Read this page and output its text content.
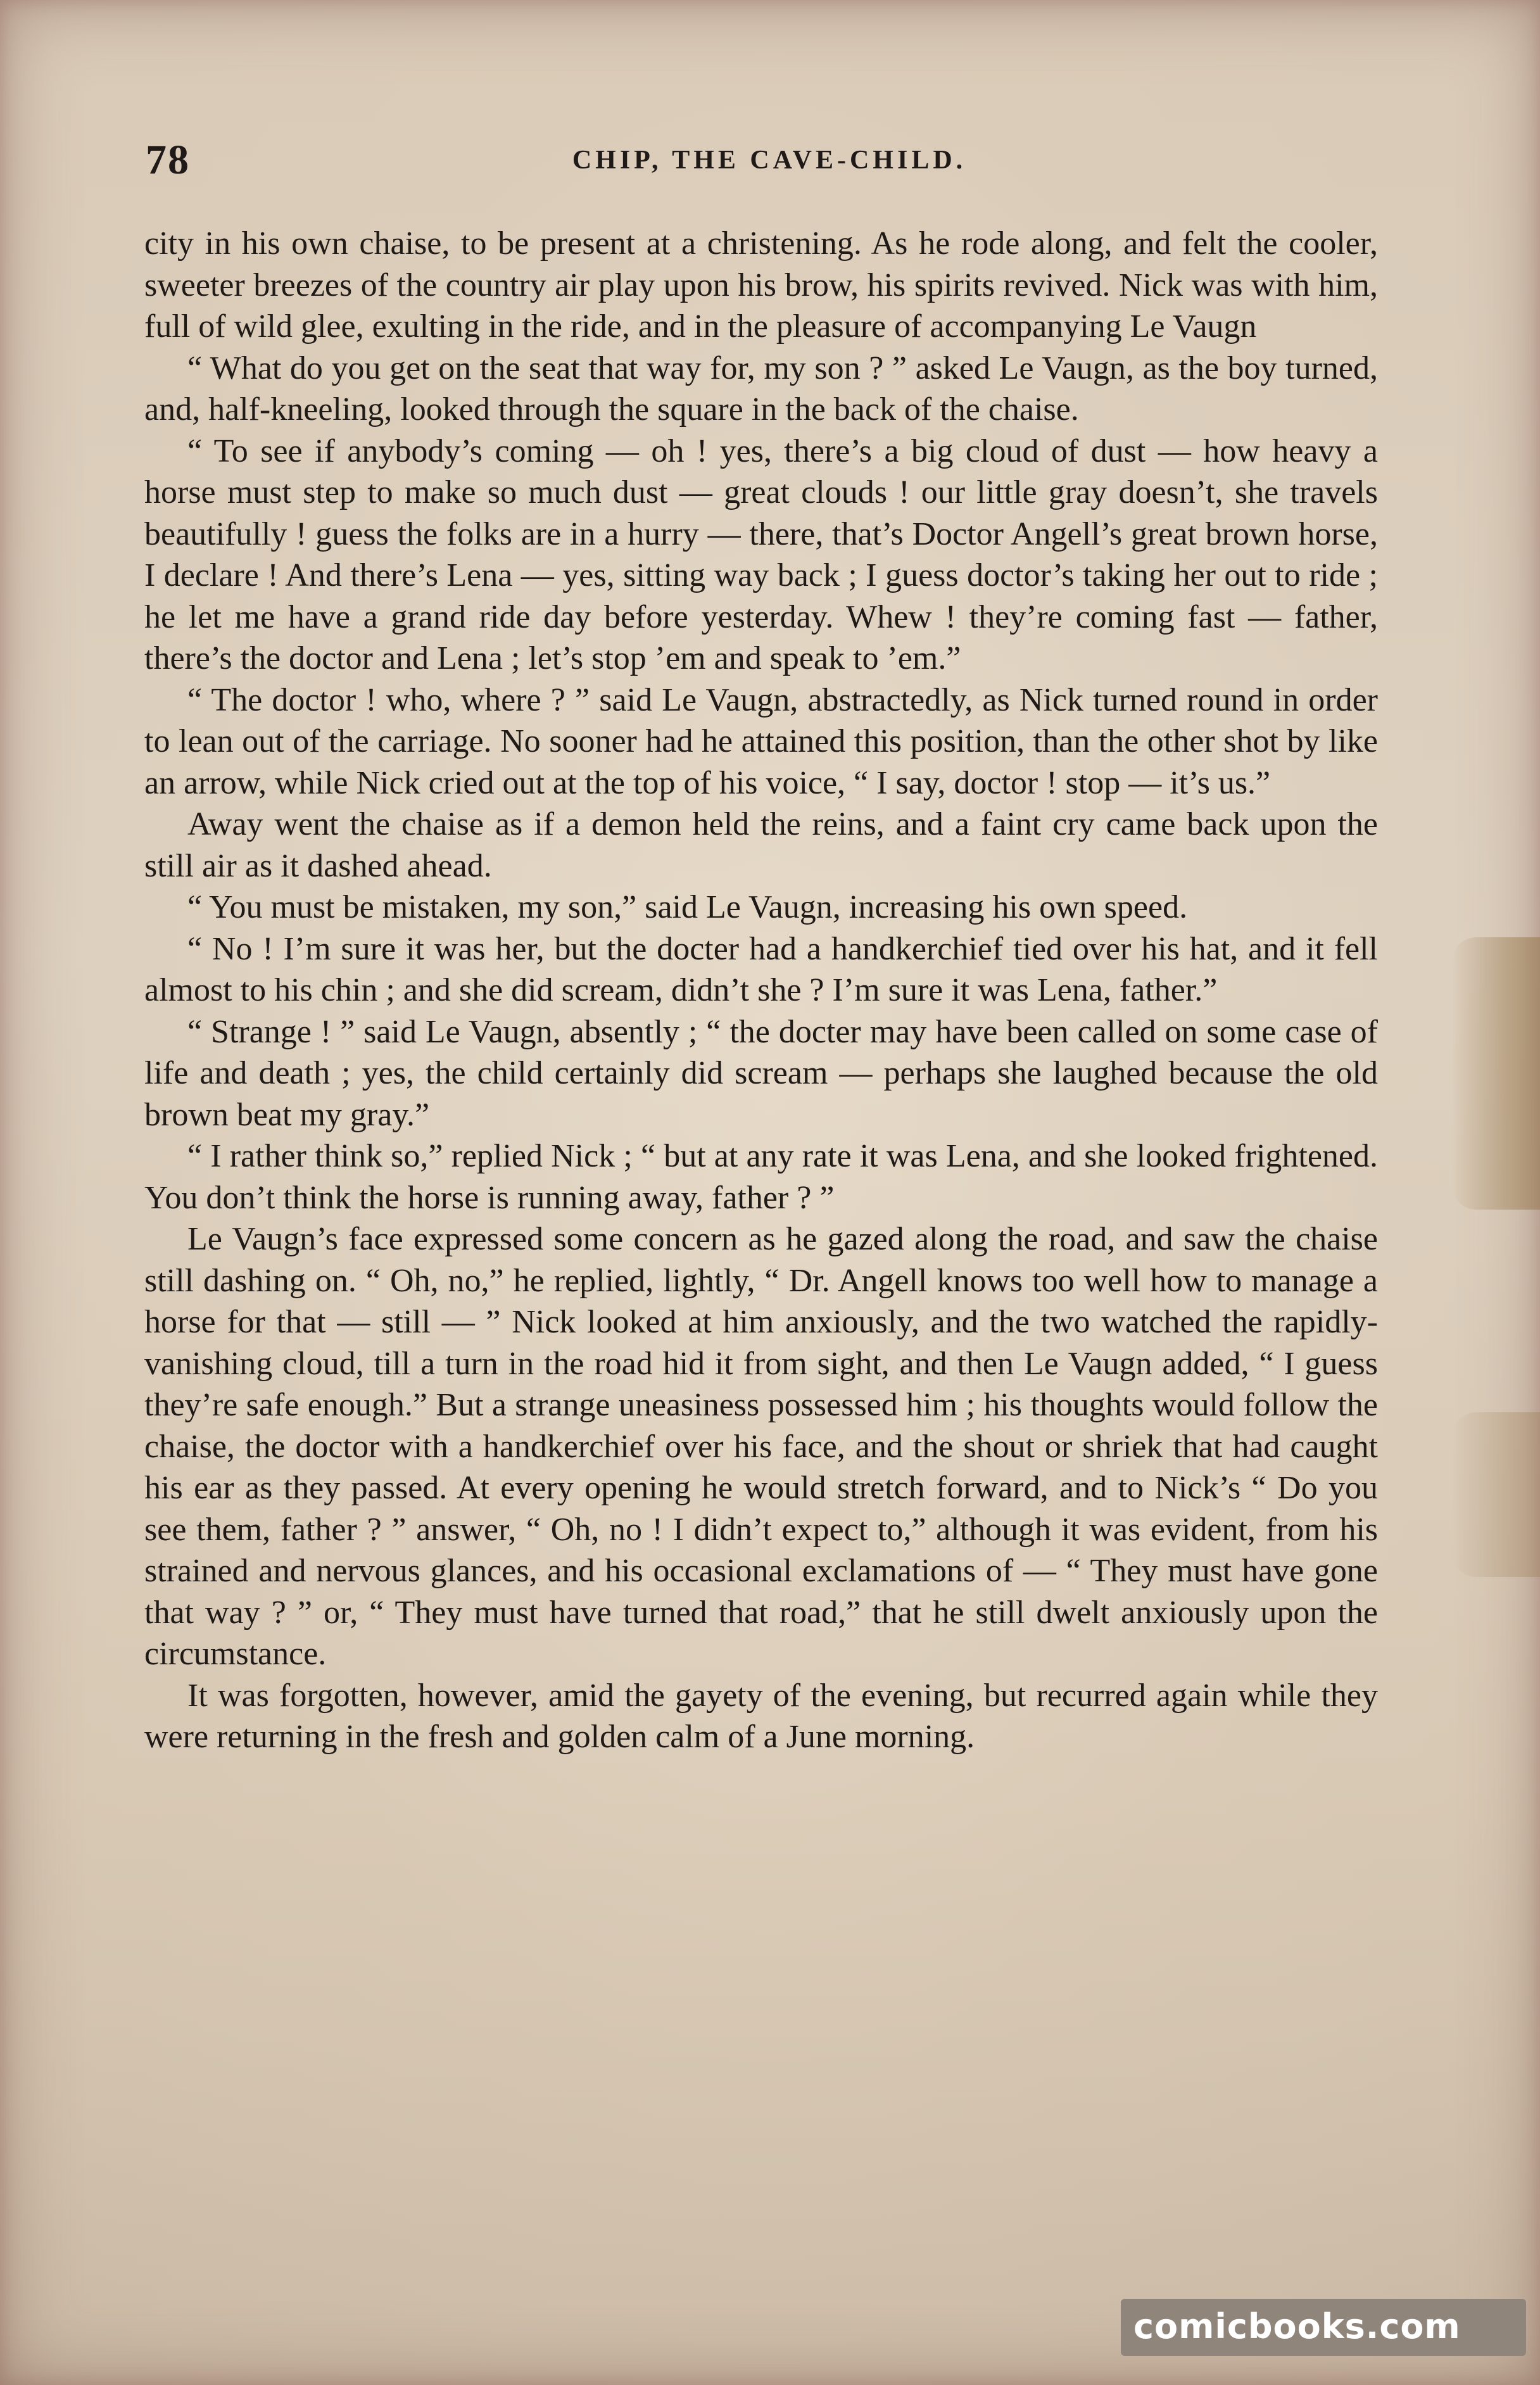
78	CHIP, THE CAVE-CHILD.

city in his own chaise, to be present at a christening. As he rode along, and felt the cooler, sweeter breezes of the country air play upon his brow, his spirits revived. Nick was with him, full of wild glee, exulting in the ride, and in the pleasure of accompanying Le Vaugn

“ What do you get on the seat that way for, my son ? ” asked Le Vaugn, as the boy turned, and, half-kneeling, looked through the square in the back of the chaise.

“ To see if anybody’s coming — oh ! yes, there’s a big cloud of dust — how heavy a horse must step to make so much dust — great clouds ! our little gray doesn’t, she travels beautifully ! guess the folks are in a hurry — there, that’s Doctor Angell’s great brown horse, I declare ! And there’s Lena — yes, sitting way back ; I guess doctor’s taking her out to ride ; he let me have a grand ride day before yesterday. Whew ! they’re coming fast — father, there’s the doctor and Lena ; let’s stop ’em and speak to ’em.”

“ The doctor ! who, where ? ” said Le Vaugn, abstractedly, as Nick turned round in order to lean out of the carriage. No sooner had he attained this position, than the other shot by like an arrow, while Nick cried out at the top of his voice, “ I say, doctor ! stop — it’s us.”

Away went the chaise as if a demon held the reins, and a faint cry came back upon the still air as it dashed ahead.

“ You must be mistaken, my son,” said Le Vaugn, increasing his own speed.

“ No ! I’m sure it was her, but the docter had a handkerchief tied over his hat, and it fell almost to his chin ; and she did scream, didn’t she ? I’m sure it was Lena, father.”

“ Strange ! ” said Le Vaugn, absently ; “ the docter may have been called on some case of life and death ; yes, the child certainly did scream — perhaps she laughed because the old brown beat my gray.”

“ I rather think so,” replied Nick ; “ but at any rate it was Lena, and she looked frightened. You don’t think the horse is running away, father ? ”

Le Vaugn’s face expressed some concern as he gazed along the road, and saw the chaise still dashing on. “ Oh, no,” he replied, lightly, “ Dr. Angell knows too well how to manage a horse for that — still — ” Nick looked at him anxiously, and the two watched the rapidly-vanishing cloud, till a turn in the road hid it from sight, and then Le Vaugn added, “ I guess they’re safe enough.” But a strange uneasiness possessed him ; his thoughts would follow the chaise, the doctor with a handkerchief over his face, and the shout or shriek that had caught his ear as they passed. At every opening he would stretch forward, and to Nick’s “ Do you see them, father ? ” answer, “ Oh, no ! I didn’t expect to,” although it was evident, from his strained and nervous glances, and his occasional exclamations of — “ They must have gone that way ? ” or, “ They must have turned that road,” that he still dwelt anxiously upon the circumstance.

It was forgotten, however, amid the gayety of the evening, but recurred again while they were returning in the fresh and golden calm of a June morning.

comicbooks.com
